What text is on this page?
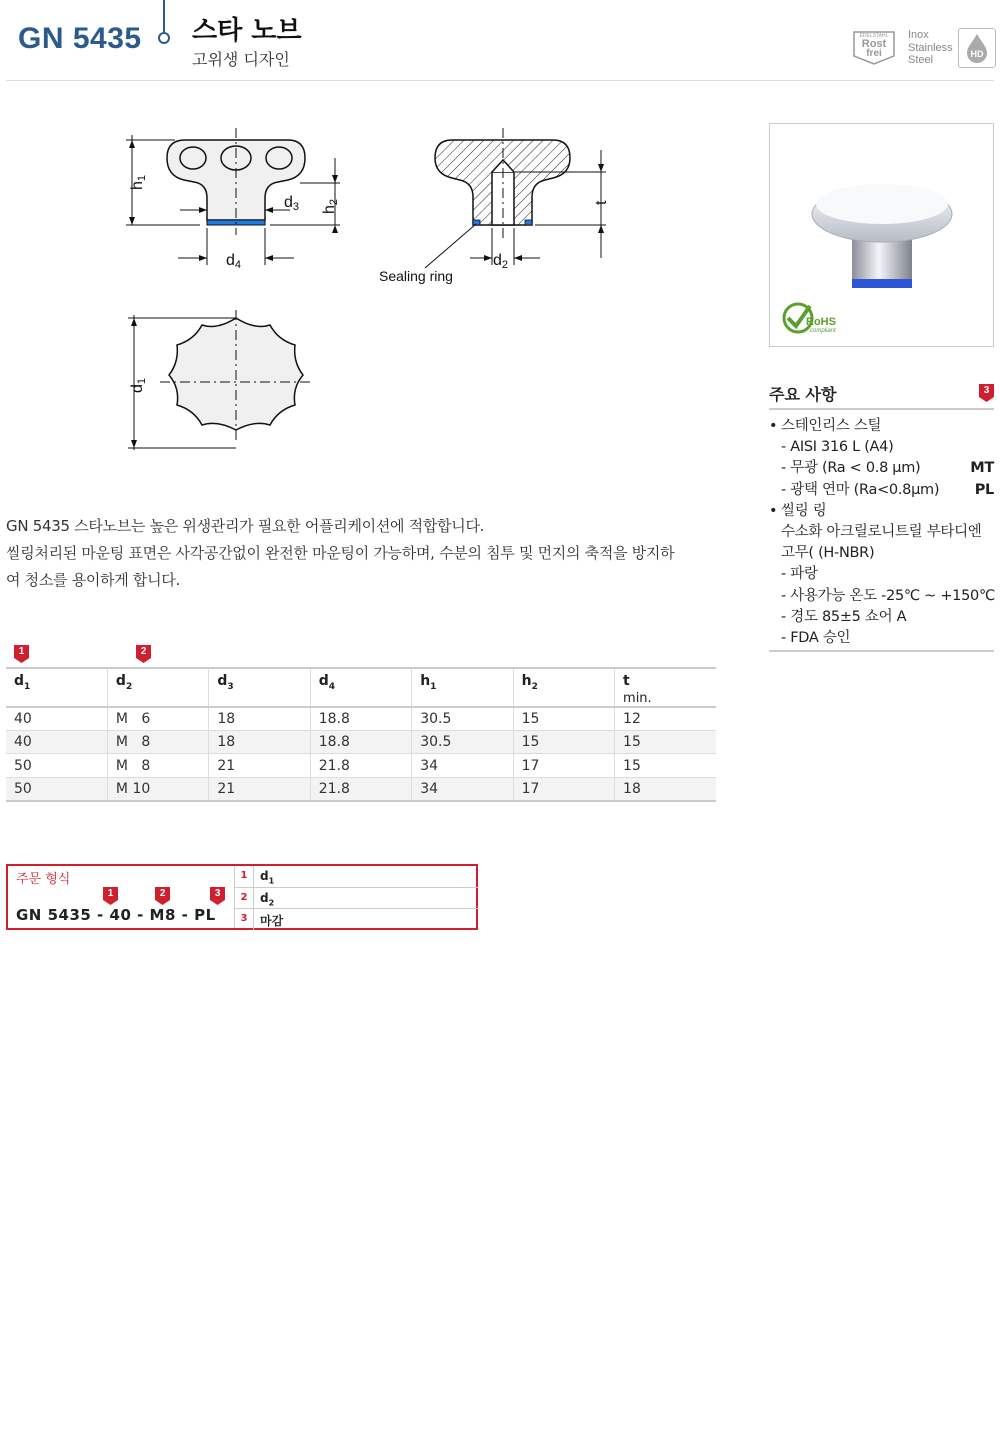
GN 5435 스타 노브
고위생 디자인
EDELSTAHL
Rost
frei
Inox
Stainless
Steel	HD
h1
d3 h2
d4	d2
t
d1
Sealing ring
RoHS
compliant
주요 사항	3
• 스테인리스 스틸
- AISI 316 L (A4)
- 무광 (Ra < 0.8 µm)	MT
- 광택 연마 (Ra<0.8µm) PL
• 씰링 링
수소화 아크릴로니트릴 부타디엔
고무( (H-NBR)
- 파랑
- 사용가능 온도 -25℃ ~ +150℃
- 경도 85±5 쇼어 A
- FDA 승인
GN 5435 스타노브는 높은 위생관리가 필요한 어플리케이션에 적합합니다.
씰링처리된 마운팅 표면은 사각공간없이 완전한 마운팅이 가능하며, 수분의 침투 및 먼지의 축적을 방지하
여 청소를 용이하게 합니다.
1
	2
$d_1$	$d_2$	$d_3$	$d_4$	$h_1$	$h_2$	t
min.

40	M   6	18	18.8	30.5	15	12
40	M   8	18	18.8	30.5	15	15
50	M   8	21	21.8	34	17	15
50	M 10	21	21.8	34	17	18
주문 형식
1
	2
	3
GN 5435 - 40 - M8 - PL
1	$d_1$
2	$d_2$
3	마감
